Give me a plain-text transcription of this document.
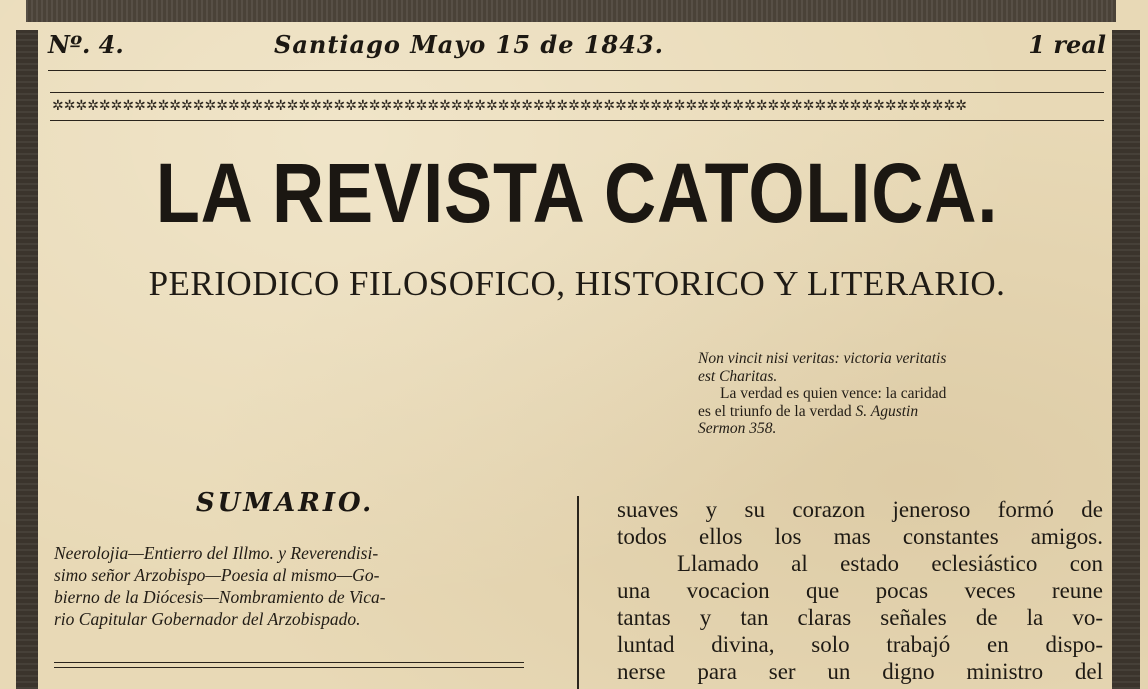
Nº. 4.	Santiago Mayo 15 de 1843.	1 real
✲✲✲✲✲✲✲✲✲✲✲✲✲✲✲✲✲✲✲✲✲✲✲✲✲✲✲✲✲✲✲✲✲✲✲✲✲✲✲✲✲✲✲✲✲✲✲✲✲✲✲✲✲✲✲✲✲✲✲✲✲✲✲✲✲✲✲✲✲✲✲✲✲✲✲✲✲✲
LA REVISTA CATOLICA.
PERIODICO FILOSOFICO, HISTORICO Y LITERARIO.
Non vincit nisi veritas: victoria veritatis
est Charitas.
La verdad es quien vence: la caridad
es el triunfo de la verdad S. Agustin
Sermon 358.
SUMARIO.
Neerolojia—Entierro del Illmo. y Reverendisi-
simo señor Arzobispo—Poesia al mismo—Go-
bierno de la Diócesis—Nombramiento de Vica-
rio Capitular Gobernador del Arzobispado.
suaves y su corazon jeneroso formó de
todos ellos los mas constantes amigos.
Llamado al estado eclesiástico con
una vocacion que pocas veces reune
tantas y tan claras señales de la vo-
luntad divina, solo trabajó en dispo-
nerse para ser un digno ministro del
